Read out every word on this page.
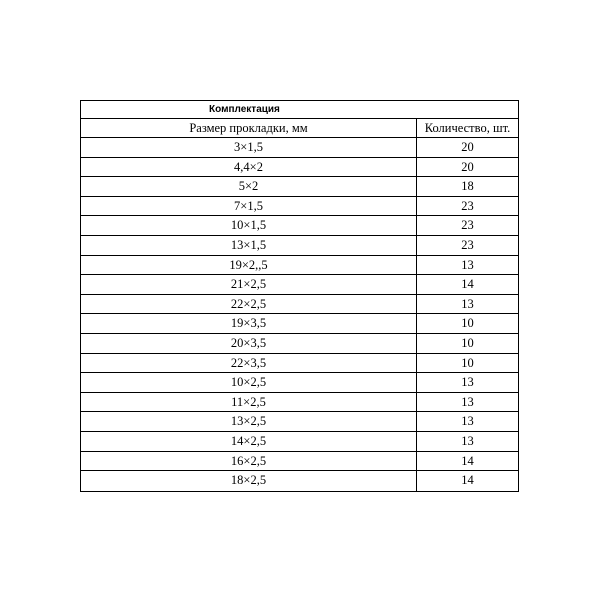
Комплектация
Размер прокладки, мм	Количество, шт.
3×1,5	20
4,4×2	20
5×2	18
7×1,5	23
10×1,5	23
13×1,5	23
19×2,,5	13
21×2,5	14
22×2,5	13
19×3,5	10
20×3,5	10
22×3,5	10
10×2,5	13
11×2,5	13
13×2,5	13
14×2,5	13
16×2,5	14
18×2,5	14
